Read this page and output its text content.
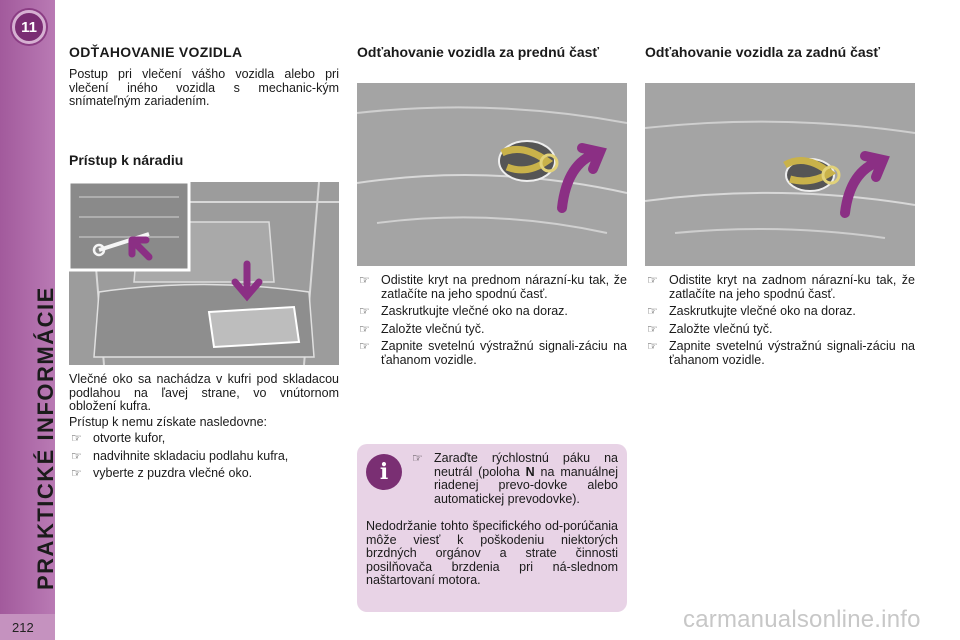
11
PRAKTICKÉ INFORMÁCIE
212
ODŤAHOVANIE VOZIDLA
Postup pri vlečení vášho vozidla alebo pri vlečení iného vozidla s mechanic-kým snímateľným zariadením.
Prístup k náradiu
Vlečné oko sa nachádza v kufri pod skladacou podlahou na ľavej strane, vo vnútornom obložení kufra.
Prístup k nemu získate nasledovne:
☞ otvorte kufor,
☞ nadvihnite skladaciu podlahu kufra,
☞ vyberte z puzdra vlečné oko.
Odťahovanie vozidla za prednú časť
☞ Odistite kryt na prednom nárazní-ku tak, že zatlačíte na jeho spodnú časť.
☞ Zaskrutkujte vlečné oko na doraz.
☞ Založte vlečnú tyč.
☞ Zapnite svetelnú výstražnú signali-záciu na ťahanom vozidle.
Odťahovanie vozidla za zadnú časť
☞ Odistite kryt na zadnom nárazní-ku tak, že zatlačíte na jeho spodnú časť.
☞ Zaskrutkujte vlečné oko na doraz.
☞ Založte vlečnú tyč.
☞ Zapnite svetelnú výstražnú signali-záciu na ťahanom vozidle.
i
☞ Zaraďte rýchlostnú páku na neutrál (poloha N na manuálnej riadenej prevo-dovke alebo automatickej prevodovke).
Nedodržanie tohto špecifického od-porúčania môže viesť k poškodeniu niektorých brzdných orgánov a strate činnosti posilňovača brzdenia pri ná-slednom naštartovaní motora.
carmanualsonline.info
